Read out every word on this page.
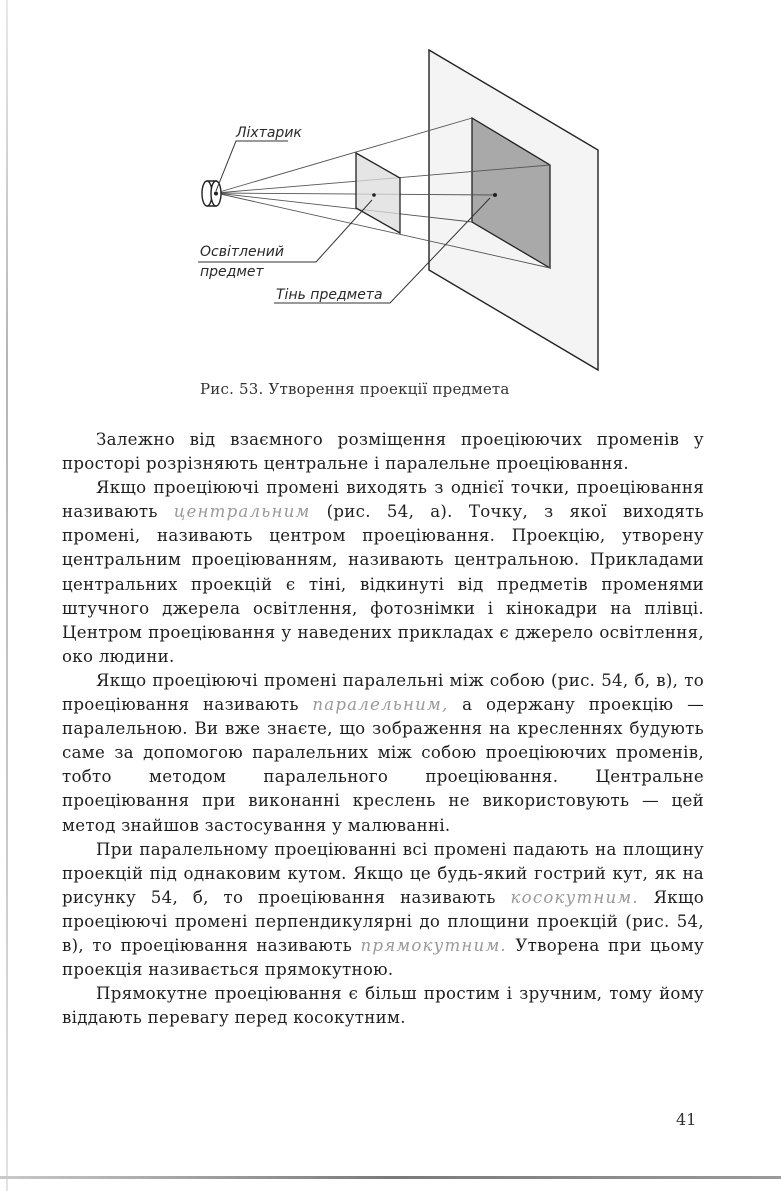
Ліхтарик
Освітлений
предмет
Тінь предмета
Рис. 53. Утворення проекції предмета

Залежно від взаємного розміщення проеціюючих променів у просторі розрізняють центральне і паралельне проеціювання.

Якщо проеціюючі промені виходять з однієї точки, проеціювання називають центральним (рис. 54, а). Точку, з якої виходять промені, називають центром проеціювання. Проекцію, утворену центральним проеціюванням, називають центральною. Прикладами центральних проекцій є тіні, відкинуті від предметів променями штучного джерела освітлення, фотознімки і кінокадри на плівці. Центром проеціювання у наведених прикладах є джерело освітлення, око людини.

Якщо проеціюючі промені паралельні між собою (рис. 54, б, в), то проеціювання називають паралельним, а одержану проекцію —паралельною. Ви вже знаєте, що зображення на кресленнях будують саме за допомогою паралельних між собою проеціюючих променів, тобто методом паралельного проеціювання. Центральне проеціювання при виконанні креслень не використовують — цей метод знайшов застосування у малюванні.

При паралельному проеціюванні всі промені падають на площину проекцій під однаковим кутом. Якщо це будь-який гострий кут, як на рисунку 54, б, то проеціювання називають косокутним. Якщо проеціюючі промені перпендикулярні до площини проекцій (рис. 54, в), то проеціювання називають прямокутним. Утворена при цьому проекція називається прямокутною.

Прямокутне проеціювання є більш простим і зручним, тому йому віддають перевагу перед косокутним.

41
